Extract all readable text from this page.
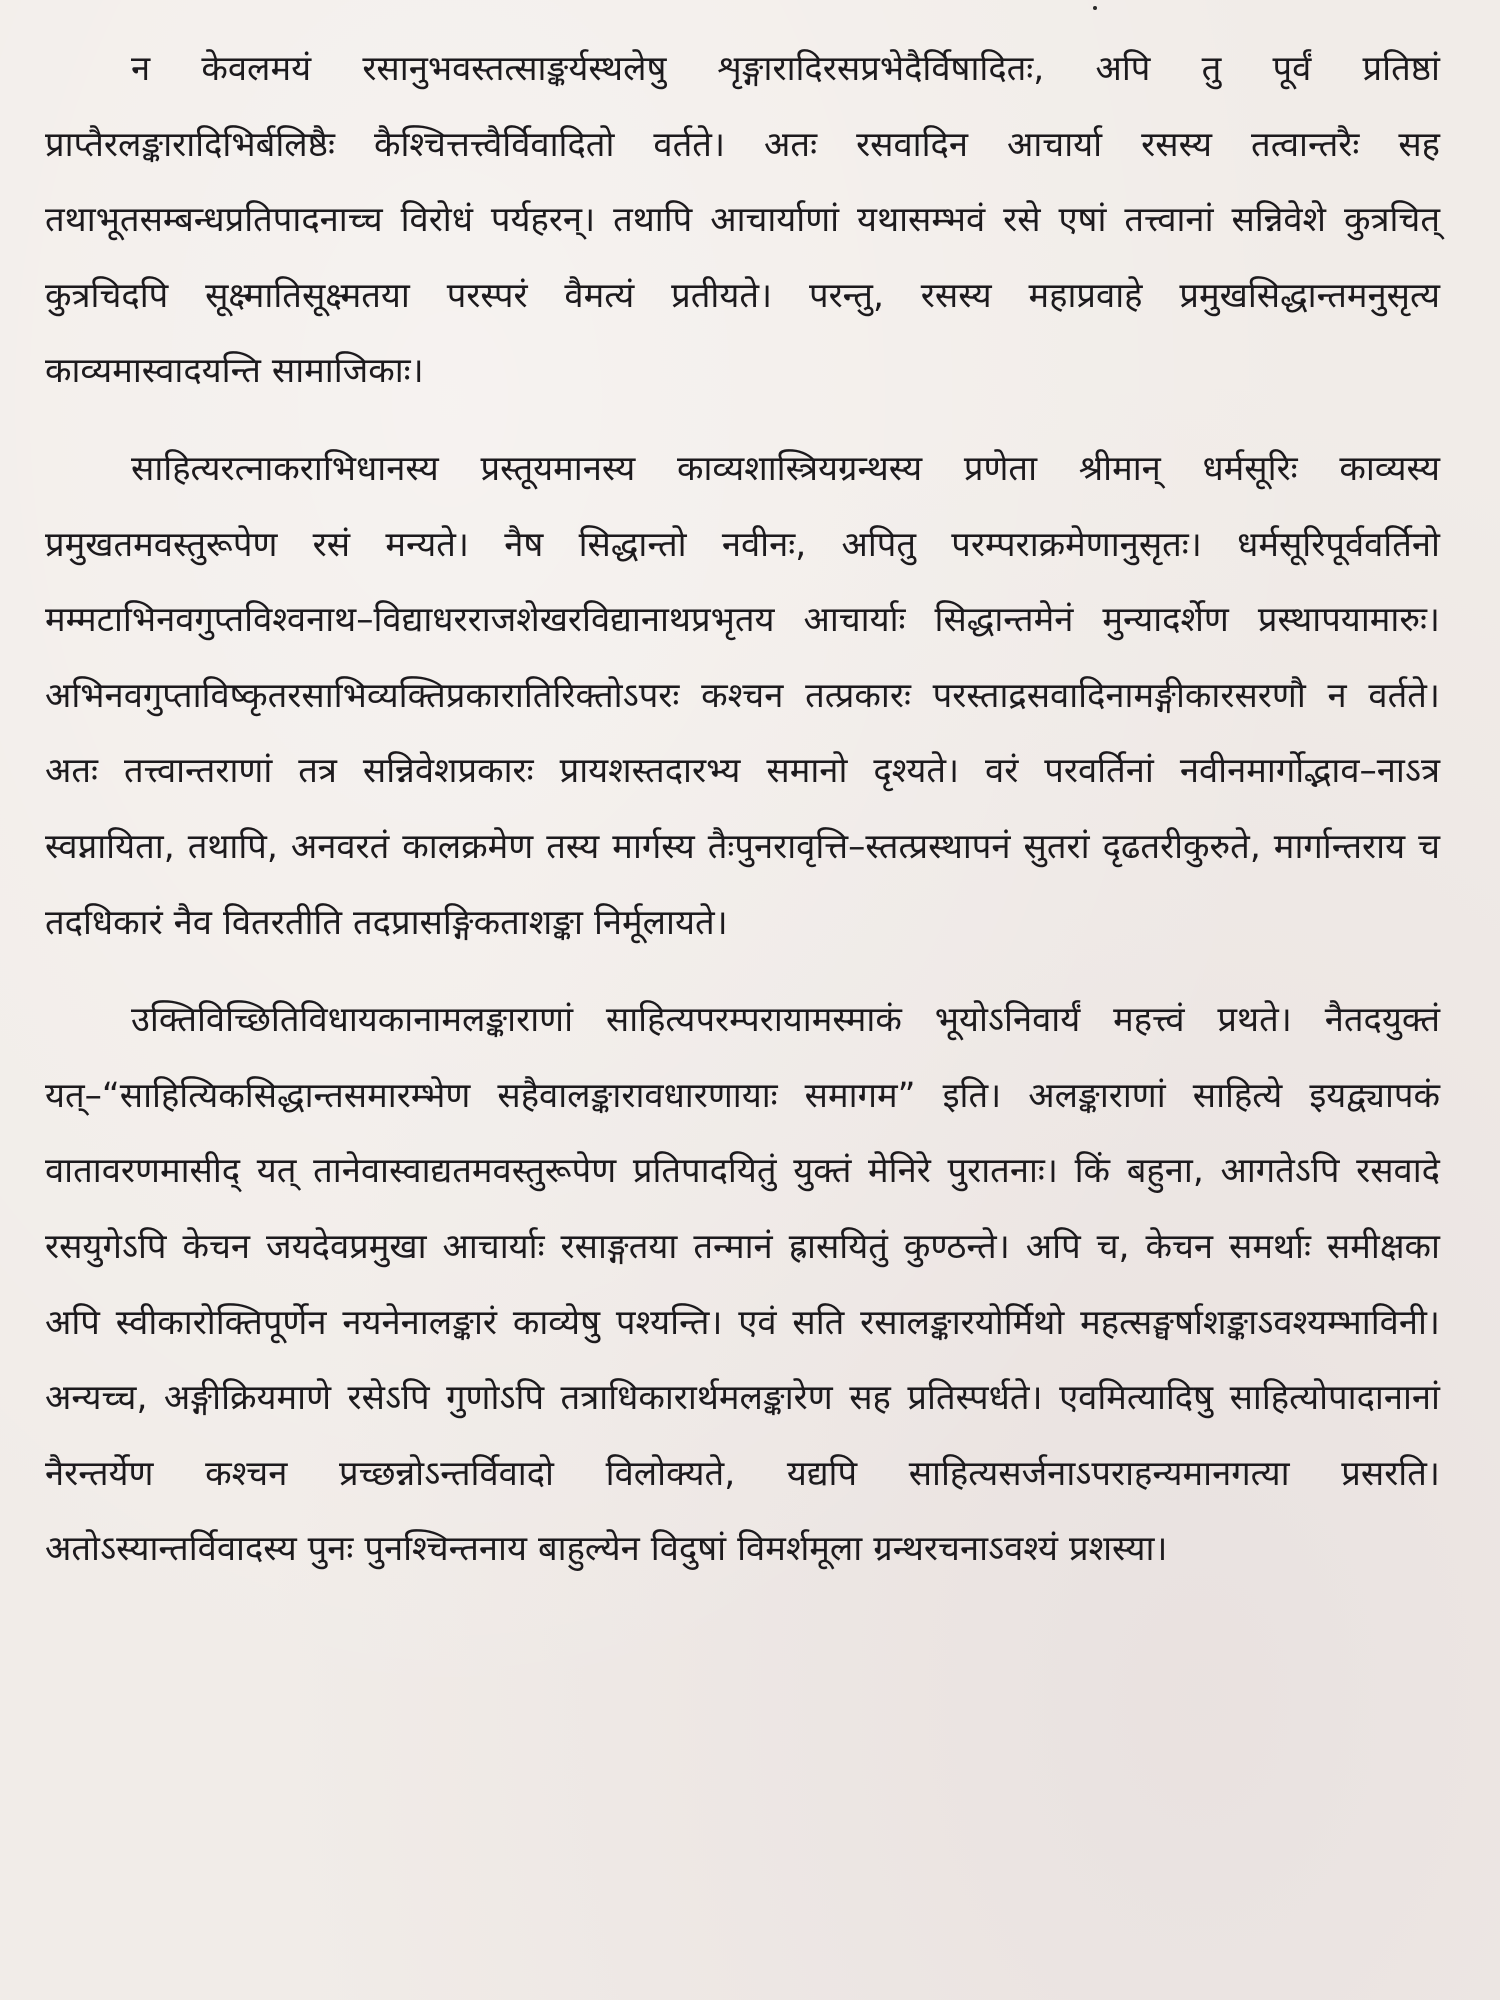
न केवलमयं रसानुभवस्तत्साङ्कर्यस्थलेषु शृङ्गारादिरसप्रभेदैर्विषादितः, अपि तु पूर्वं प्रतिष्ठां प्राप्तैरलङ्कारादिभिर्बलिष्ठैः कैश्चित्तत्त्वैर्विवादितो वर्तते। अतः रसवादिन आचार्या रसस्य तत्वान्तरैः सह तथाभूतसम्बन्धप्रतिपादनाच्च विरोधं पर्यहरन्। तथापि आचार्याणां यथासम्भवं रसे एषां तत्त्वानां सन्निवेशे कुत्रचित् कुत्रचिदपि सूक्ष्मातिसूक्ष्मतया परस्परं वैमत्यं प्रतीयते। परन्तु, रसस्य महाप्रवाहे प्रमुखसिद्धान्तमनुसृत्य काव्यमास्वादयन्ति सामाजिकाः।

साहित्यरत्नाकराभिधानस्य प्रस्तूयमानस्य काव्यशास्त्रियग्रन्थस्य प्रणेता श्रीमान् धर्मसूरिः काव्यस्य प्रमुखतमवस्तुरूपेण रसं मन्यते। नैष सिद्धान्तो नवीनः, अपितु परम्पराक्रमेणानुसृतः। धर्मसूरिपूर्ववर्तिनो मम्मटाभिनवगुप्तविश्वनाथ–विद्याधरराजशेखरविद्यानाथप्रभृतय आचार्याः सिद्धान्तमेनं मुन्यादर्शेण प्रस्थापयामारुः। अभिनवगुप्ताविष्कृतरसाभिव्यक्तिप्रकारातिरिक्तोऽपरः कश्चन तत्प्रकारः परस्ताद्रसवादिनामङ्गीकारसरणौ न वर्तते। अतः तत्त्वान्तराणां तत्र सन्निवेशप्रकारः प्रायशस्तदारभ्य समानो दृश्यते। वरं परवर्तिनां नवीनमार्गोद्भाव–नाऽत्र स्वप्नायिता, तथापि, अनवरतं कालक्रमेण तस्य मार्गस्य तैःपुनरावृत्ति–स्तत्प्रस्थापनं सुतरां दृढतरीकुरुते, मार्गान्तराय च तदधिकारं नैव वितरतीति तदप्रासङ्गिकताशङ्का निर्मूलायते।

उक्तिविच्छितिविधायकानामलङ्काराणां साहित्यपरम्परायामस्माकं भूयोऽनिवार्यं महत्त्वं प्रथते। नैतदयुक्तं यत्–“साहित्यिकसिद्धान्तसमारम्भेण सहैवालङ्कारावधारणायाः समागम” इति। अलङ्काराणां साहित्ये इयद्व्यापकं वातावरणमासीद् यत् तानेवास्वाद्यतमवस्तुरूपेण प्रतिपादयितुं युक्तं मेनिरे पुरातनाः। किं बहुना, आगतेऽपि रसवादे रसयुगेऽपि केचन जयदेवप्रमुखा आचार्याः रसाङ्गतया तन्मानं ह्रासयितुं कुण्ठन्ते। अपि च, केचन समर्थाः समीक्षका अपि स्वीकारोक्तिपूर्णेन नयनेनालङ्कारं काव्येषु पश्यन्ति। एवं सति रसालङ्कारयोर्मिथो महत्सङ्घर्षाशङ्काऽवश्यम्भाविनी। अन्यच्च, अङ्गीक्रियमाणे रसेऽपि गुणोऽपि तत्राधिकारार्थमलङ्कारेण सह प्रतिस्पर्धते। एवमित्यादिषु साहित्योपादानानां नैरन्तर्येण कश्चन प्रच्छन्नोऽन्तर्विवादो विलोक्यते, यद्यपि साहित्यसर्जनाऽपराहन्यमानगत्या प्रसरति। अतोऽस्यान्तर्विवादस्य पुनः पुनश्चिन्तनाय बाहुल्येन विदुषां विमर्शमूला ग्रन्थरचनाऽवश्यं प्रशस्या।
